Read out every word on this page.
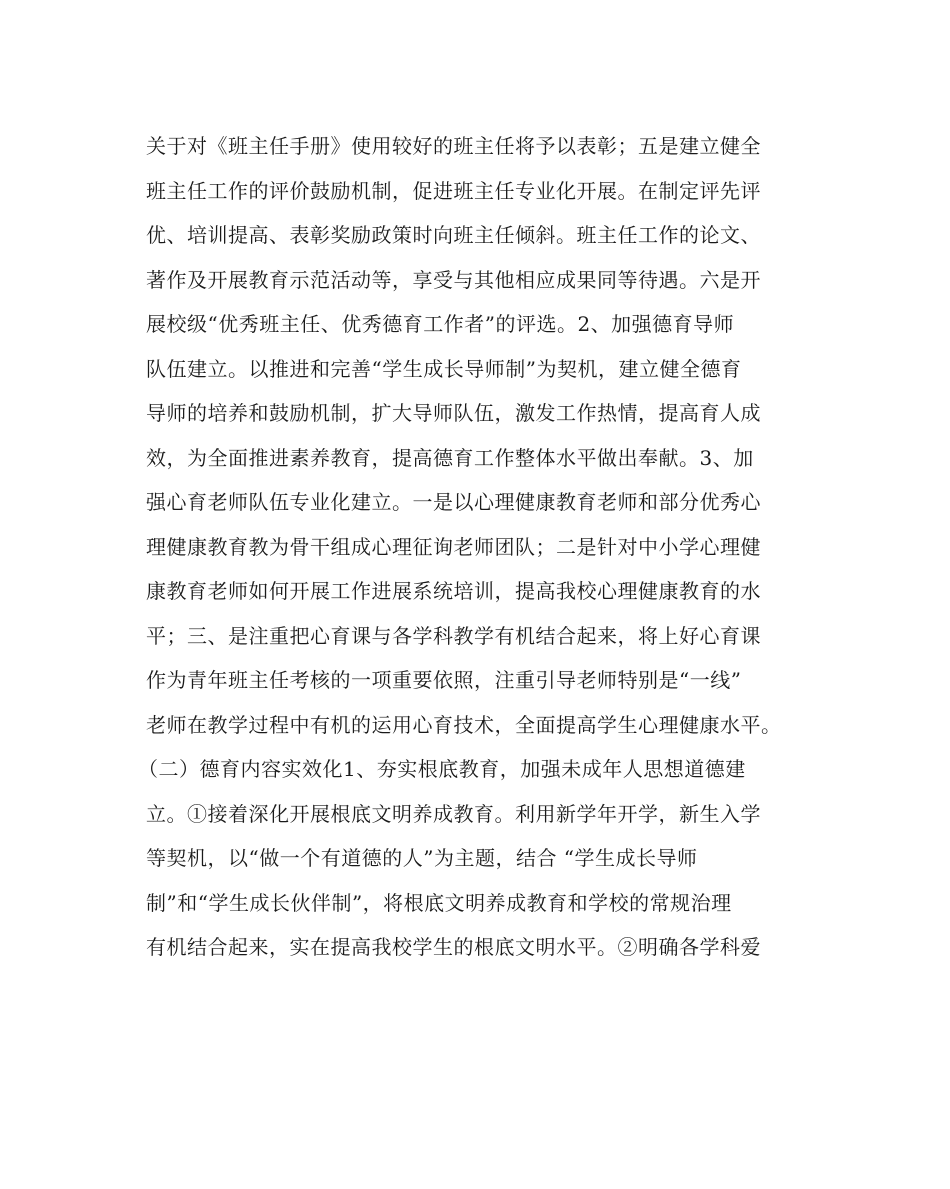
关于对《班主任手册》使用较好的班主任将予以表彰；五是建立健全
班主任工作的评价鼓励机制，促进班主任专业化开展。在制定评先评
优、培训提高、表彰奖励政策时向班主任倾斜。班主任工作的论文、
著作及开展教育示范活动等，享受与其他相应成果同等待遇。六是开
展校级“优秀班主任、优秀德育工作者”的评选。2、加强德育导师
队伍建立。以推进和完善“学生成长导师制”为契机，建立健全德育
导师的培养和鼓励机制，扩大导师队伍，激发工作热情，提高育人成
效，为全面推进素养教育，提高德育工作整体水平做出奉献。3、加
强心育老师队伍专业化建立。一是以心理健康教育老师和部分优秀心
理健康教育教为骨干组成心理征询老师团队；二是针对中小学心理健
康教育老师如何开展工作进展系统培训，提高我校心理健康教育的水
平；三、是注重把心育课与各学科教学有机结合起来，将上好心育课
作为青年班主任考核的一项重要依照，注重引导老师特别是“一线”
老师在教学过程中有机的运用心育技术，全面提高学生心理健康水平。
（二）德育内容实效化1、夯实根底教育，加强未成年人思想道德建
立。①接着深化开展根底文明养成教育。利用新学年开学，新生入学
等契机，以“做一个有道德的人”为主题，结合 “学生成长导师
制”和“学生成长伙伴制”，将根底文明养成教育和学校的常规治理
有机结合起来，实在提高我校学生的根底文明水平。②明确各学科爱
